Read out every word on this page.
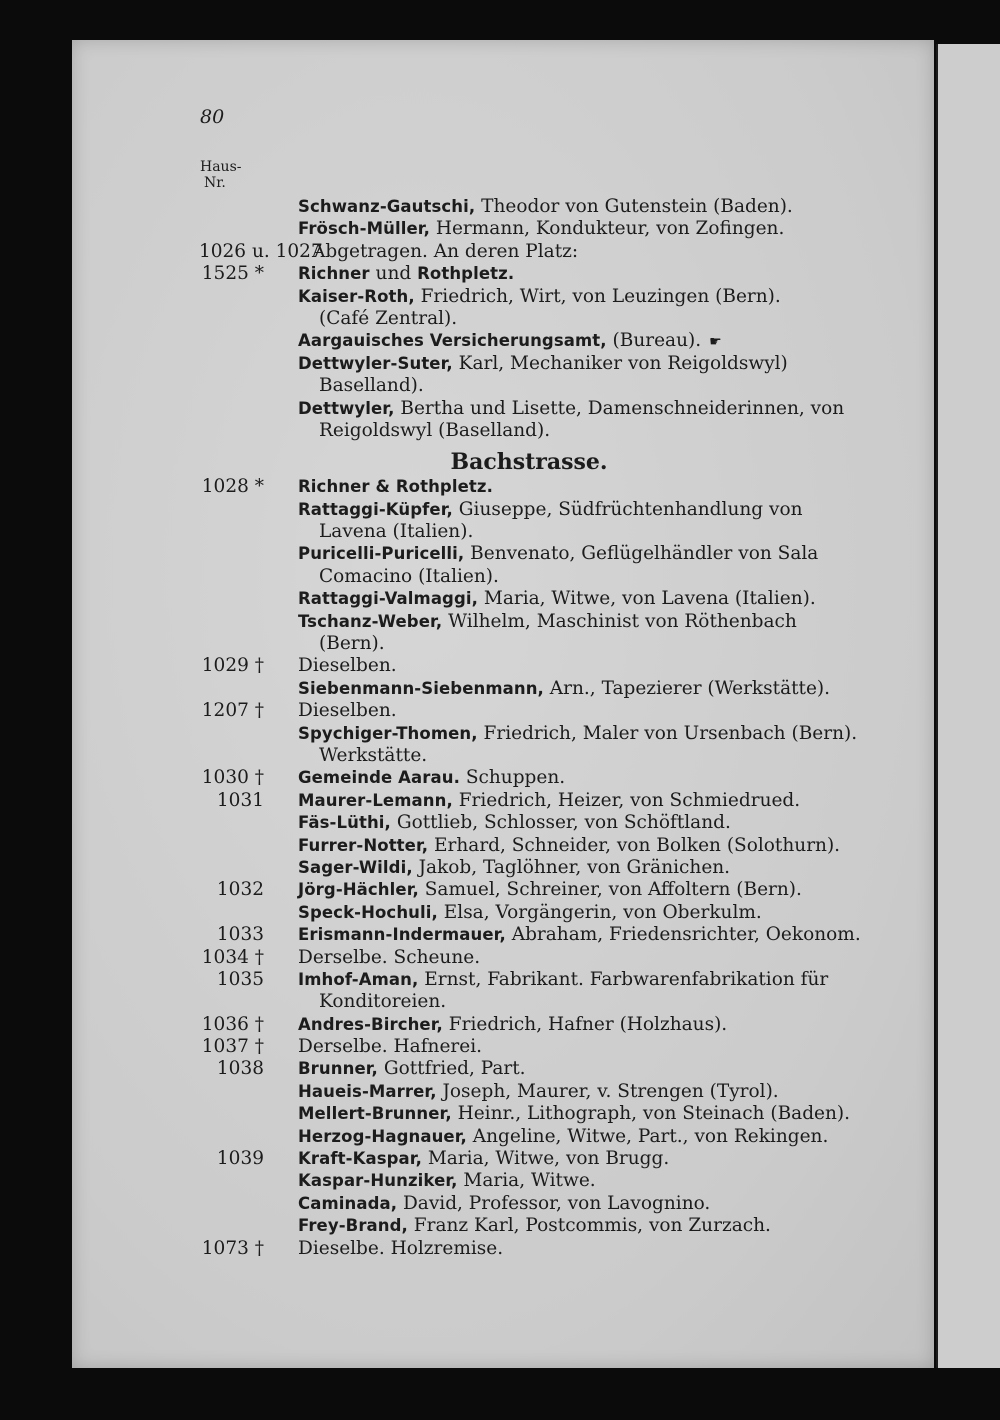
80
Haus-
Nr.
Schwanz-Gautschi, Theodor von Gutenstein (Baden).
Frösch-Müller, Hermann, Kondukteur, von Zofingen.
1026 u. 1027
Abgetragen. An deren Platz:
1525 * Richner und Rothpletz.
Kaiser-Roth, Friedrich, Wirt, von Leuzingen (Bern).
(Café Zentral).
Aargauisches Versicherungsamt, (Bureau). ☛
Dettwyler-Suter, Karl, Mechaniker von Reigoldswyl)
Baselland).
Dettwyler, Bertha und Lisette, Damenschneiderinnen, von
Reigoldswyl (Baselland).
Bachstrasse.
1028 * Richner & Rothpletz.
Rattaggi-Küpfer, Giuseppe, Südfrüchtenhandlung von
Lavena (Italien).
Puricelli-Puricelli, Benvenato, Geflügelhändler von Sala
Comacino (Italien).
Rattaggi-Valmaggi, Maria, Witwe, von Lavena (Italien).
Tschanz-Weber, Wilhelm, Maschinist von Röthenbach
(Bern).
1029 † Dieselben.
Siebenmann-Siebenmann, Arn., Tapezierer (Werkstätte).
1207 † Dieselben.
Spychiger-Thomen, Friedrich, Maler von Ursenbach (Bern).
Werkstätte.
1030 † Gemeinde Aarau. Schuppen.
1031 Maurer-Lemann, Friedrich, Heizer, von Schmiedrued.
Fäs-Lüthi, Gottlieb, Schlosser, von Schöftland.
Furrer-Notter, Erhard, Schneider, von Bolken (Solothurn).
Sager-Wildi, Jakob, Taglöhner, von Gränichen.
1032 Jörg-Hächler, Samuel, Schreiner, von Affoltern (Bern).
Speck-Hochuli, Elsa, Vorgängerin, von Oberkulm.
1033 Erismann-Indermauer, Abraham, Friedensrichter, Oekonom.
1034 † Derselbe. Scheune.
1035 Imhof-Aman, Ernst, Fabrikant. Farbwarenfabrikation für
Konditoreien.
1036 † Andres-Bircher, Friedrich, Hafner (Holzhaus).
1037 † Derselbe. Hafnerei.
1038 Brunner, Gottfried, Part.
Haueis-Marrer, Joseph, Maurer, v. Strengen (Tyrol).
Mellert-Brunner, Heinr., Lithograph, von Steinach (Baden).
Herzog-Hagnauer, Angeline, Witwe, Part., von Rekingen.
1039 Kraft-Kaspar, Maria, Witwe, von Brugg.
Kaspar-Hunziker, Maria, Witwe.
Caminada, David, Professor, von Lavognino.
Frey-Brand, Franz Karl, Postcommis, von Zurzach.
1073 † Dieselbe. Holzremise.
